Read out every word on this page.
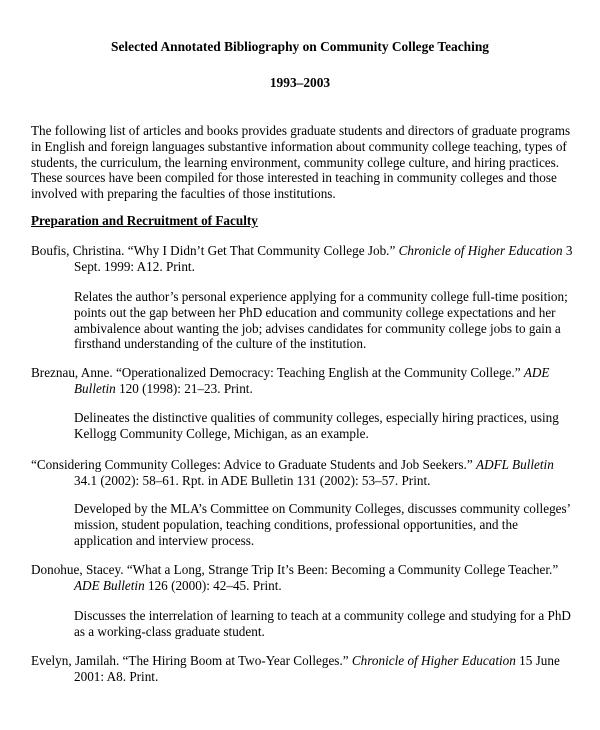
Selected Annotated Bibliography on Community College Teaching
1993–2003
The following list of articles and books provides graduate students and directors of graduate programs in English and foreign languages substantive information about community college teaching, types of students, the curriculum, the learning environment, community college culture, and hiring practices. These sources have been compiled for those interested in teaching in community colleges and those involved with preparing the faculties of those institutions.
Preparation and Recruitment of Faculty
Boufis, Christina. “Why I Didn’t Get That Community College Job.” Chronicle of Higher Education 3 Sept. 1999: A12. Print.
Relates the author’s personal experience applying for a community college full-time position; points out the gap between her PhD education and community college expectations and her ambivalence about wanting the job; advises candidates for community college jobs to gain a firsthand understanding of the culture of the institution.
Breznau, Anne. “Operationalized Democracy: Teaching English at the Community College.” ADE Bulletin 120 (1998): 21–23. Print.
Delineates the distinctive qualities of community colleges, especially hiring practices, using Kellogg Community College, Michigan, as an example.
“Considering Community Colleges: Advice to Graduate Students and Job Seekers.” ADFL Bulletin 34.1 (2002): 58–61. Rpt. in ADE Bulletin 131 (2002): 53–57. Print.
Developed by the MLA’s Committee on Community Colleges, discusses community colleges’ mission, student population, teaching conditions, professional opportunities, and the application and interview process.
Donohue, Stacey. “What a Long, Strange Trip It’s Been: Becoming a Community College Teacher.” ADE Bulletin 126 (2000): 42–45. Print.
Discusses the interrelation of learning to teach at a community college and studying for a PhD as a working-class graduate student.
Evelyn, Jamilah. “The Hiring Boom at Two-Year Colleges.” Chronicle of Higher Education 15 June 2001: A8. Print.
